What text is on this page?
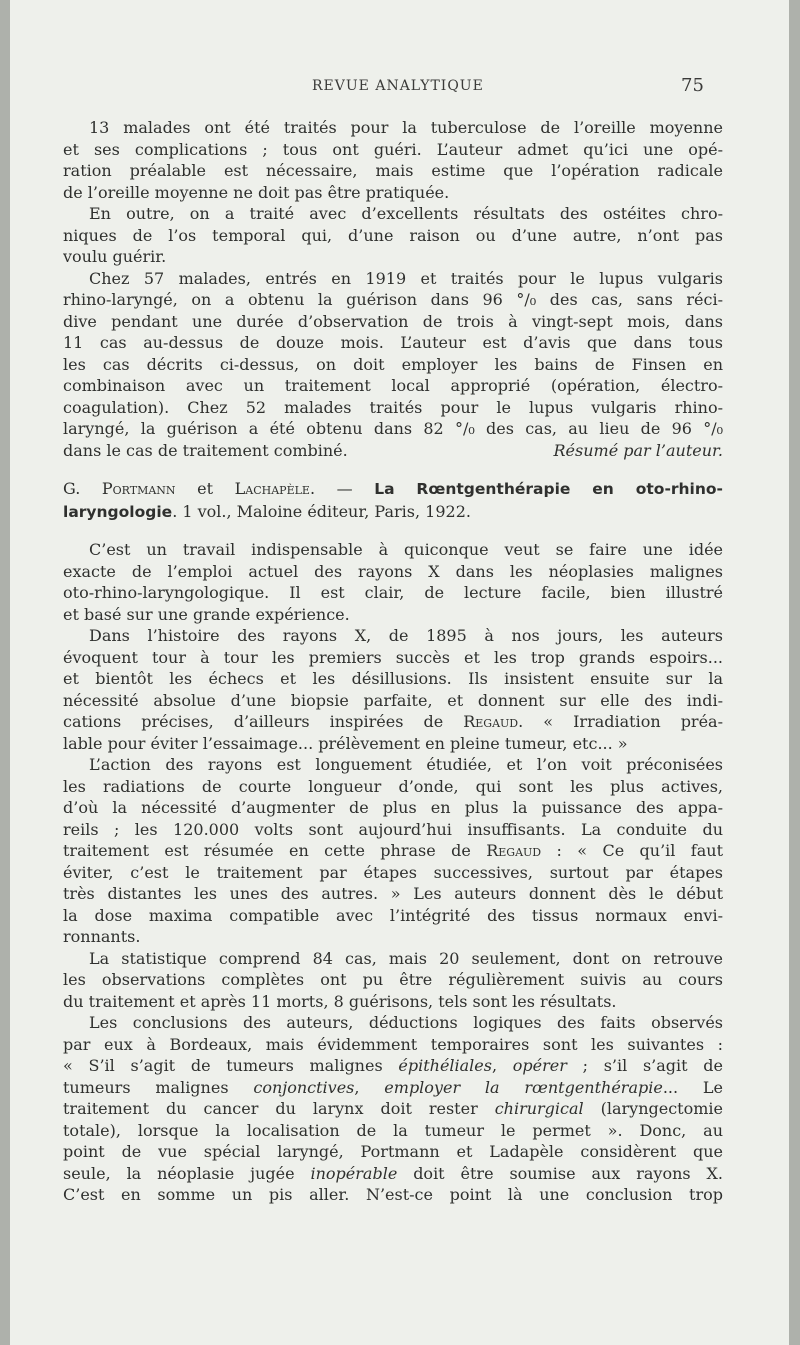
REVUE ANALYTIQUE	75

13 malades ont été traités pour la tuberculose de l’oreille moyenne
et ses complications ; tous ont guéri. L’auteur admet qu’ici une opé-
ration préalable est nécessaire, mais estime que l’opération radicale
de l’oreille moyenne ne doit pas être pratiquée.

En outre, on a traité avec d’excellents résultats des ostéites chro-
niques de l’os temporal qui, d’une raison ou d’une autre, n’ont pas
voulu guérir.

Chez 57 malades, entrés en 1919 et traités pour le lupus vulgaris
rhino-laryngé, on a obtenu la guérison dans 96 °/₀ des cas, sans réci-
dive pendant une durée d’observation de trois à vingt-sept mois, dans
11 cas au-dessus de douze mois. L’auteur est d’avis que dans tous
les cas décrits ci-dessus, on doit employer les bains de Finsen en
combinaison avec un traitement local approprié (opération, électro-
coagulation). Chez 52 malades traités pour le lupus vulgaris rhino-
laryngé, la guérison a été obtenu dans 82 °/₀ des cas, au lieu de 96 °/₀
dans le cas de traitement combiné.	Résumé par l’auteur.

G. Portmann et Lachapèle. — La Rœntgenthérapie en oto-rhino-
laryngologie. 1 vol., Maloine éditeur, Paris, 1922.

C’est un travail indispensable à quiconque veut se faire une idée
exacte de l’emploi actuel des rayons X dans les néoplasies malignes
oto-rhino-laryngologique. Il est clair, de lecture facile, bien illustré
et basé sur une grande expérience.

Dans l’histoire des rayons X, de 1895 à nos jours, les auteurs
évoquent tour à tour les premiers succès et les trop grands espoirs...
et bientôt les échecs et les désillusions. Ils insistent ensuite sur la
nécessité absolue d’une biopsie parfaite, et donnent sur elle des indi-
cations précises, d’ailleurs inspirées de Regaud. « Irradiation préa-
lable pour éviter l’essaimage... prélèvement en pleine tumeur, etc... »

L’action des rayons est longuement étudiée, et l’on voit préconisées
les radiations de courte longueur d’onde, qui sont les plus actives,
d’où la nécessité d’augmenter de plus en plus la puissance des appa-
reils ; les 120.000 volts sont aujourd’hui insuffisants. La conduite du
traitement est résumée en cette phrase de Regaud : « Ce qu’il faut
éviter, c’est le traitement par étapes successives, surtout par étapes
très distantes les unes des autres. » Les auteurs donnent dès le début
la dose maxima compatible avec l’intégrité des tissus normaux envi-
ronnants.

La statistique comprend 84 cas, mais 20 seulement, dont on retrouve
les observations complètes ont pu être régulièrement suivis au cours
du traitement et après 11 morts, 8 guérisons, tels sont les résultats.

Les conclusions des auteurs, déductions logiques des faits observés
par eux à Bordeaux, mais évidemment temporaires sont les suivantes :
« S’il s’agit de tumeurs malignes épithéliales, opérer ; s’il s’agit de
tumeurs malignes conjonctives, employer la rœntgenthérapie... Le
traitement du cancer du larynx doit rester chirurgical (laryngectomie
totale), lorsque la localisation de la tumeur le permet ». Donc, au
point de vue spécial laryngé, Portmann et Ladapèle considèrent que
seule, la néoplasie jugée inopérable doit être soumise aux rayons X.
C’est en somme un pis aller. N’est-ce point là une conclusion trop
